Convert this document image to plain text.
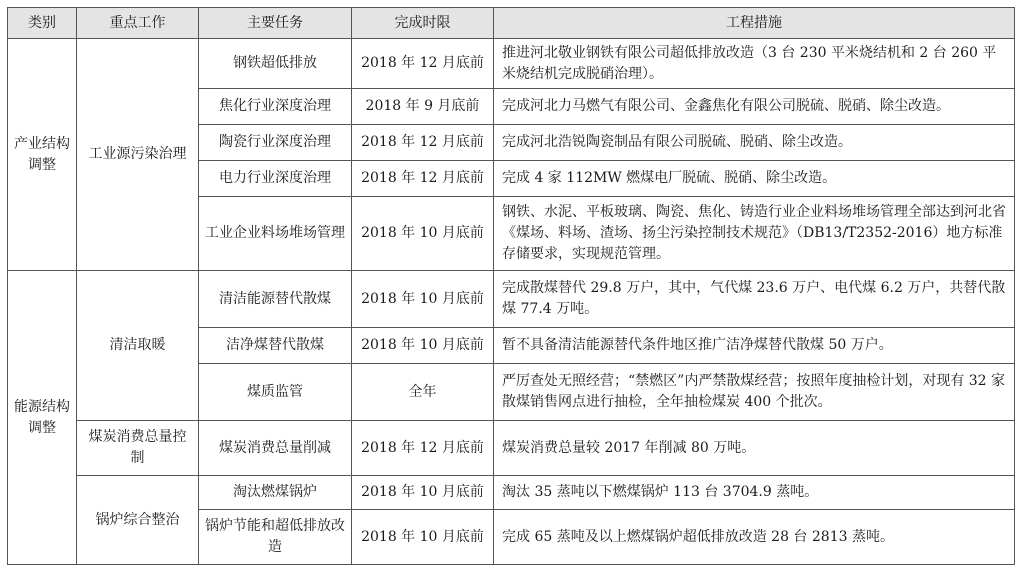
类别	重点工作	主要任务	完成时限	工程措施
产业结构调整	工业源污染治理	钢铁超低排放	2018 年 12 月底前	推进河北敬业钢铁有限公司超低排放改造（3 台 230 平米烧结机和 2 台 260 平米烧结机完成脱硝治理）。
		焦化行业深度治理	2018 年 9 月底前	完成河北力马燃气有限公司、金鑫焦化有限公司脱硫、脱硝、除尘改造。
		陶瓷行业深度治理	2018 年 12 月底前	完成河北浩锐陶瓷制品有限公司脱硫、脱硝、除尘改造。
		电力行业深度治理	2018 年 12 月底前	完成 4 家 112MW 燃煤电厂脱硫、脱硝、除尘改造。
		工业企业料场堆场管理	2018 年 10 月底前	钢铁、水泥、平板玻璃、陶瓷、焦化、铸造行业企业料场堆场管理全部达到河北省《煤场、料场、渣场、扬尘污染控制技术规范》（DB13/T2352-2016）地方标准存储要求，实现规范管理。
能源结构调整	清洁取暖	清洁能源替代散煤	2018 年 10 月底前	完成散煤替代 29.8 万户，其中，气代煤 23.6 万户、电代煤 6.2 万户，共替代散煤 77.4 万吨。
		洁净煤替代散煤	2018 年 10 月底前	暂不具备清洁能源替代条件地区推广洁净煤替代散煤 50 万户。
		煤质监管	全年	严厉查处无照经营；“禁燃区”内严禁散煤经营；按照年度抽检计划，对现有 32 家散煤销售网点进行抽检，全年抽检煤炭 400 个批次。
	煤炭消费总量控制	煤炭消费总量削减	2018 年 12 月底前	煤炭消费总量较 2017 年削减 80 万吨。
	锅炉综合整治	淘汰燃煤锅炉	2018 年 10 月底前	淘汰 35 蒸吨以下燃煤锅炉 113 台 3704.9 蒸吨。
		锅炉节能和超低排放改造	2018 年 10 月底前	完成 65 蒸吨及以上燃煤锅炉超低排放改造 28 台 2813 蒸吨。
